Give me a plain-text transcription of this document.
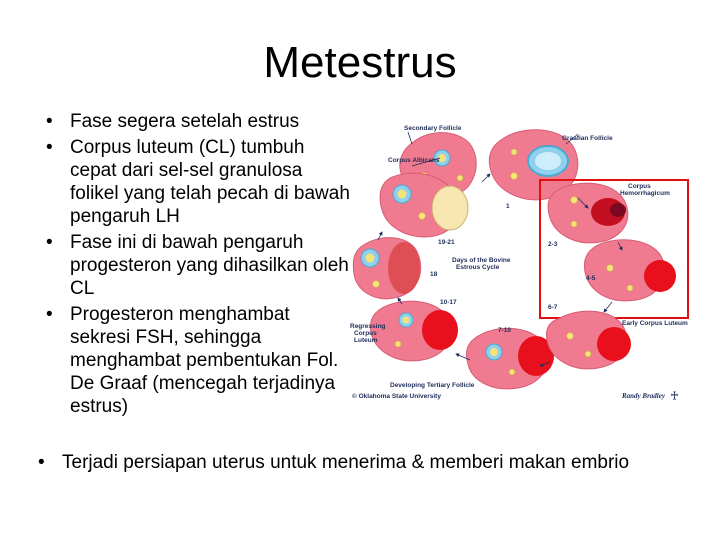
Metestrus
• Fase segera setelah estrus
• Corpus luteum (CL) tumbuh cepat dari sel-sel granulosa folikel yang telah pecah di bawah pengaruh LH
• Fase ini di bawah pengaruh progesteron yang dihasilkan oleh CL
• Progesteron menghambat sekresi FSH, sehingga menghambat pembentukan Fol. De Graaf (mencegah terjadinya estrus)
• Terjadi persiapan uterus untuk menerima & memberi makan embrio
Secondary Follicle
Graafian Follicle
Corpus Albicans
Corpus
Hemorrhagicum
Regressing
Corpus
Luteum
Early Corpus Luteum
Developing Tertiary Follicle
Days of the Bovine
Estrous Cycle
© Oklahoma State University	Randy Bradley ♰
1
2-3
4-5
6-7
7-10
10-17
18
19-21
